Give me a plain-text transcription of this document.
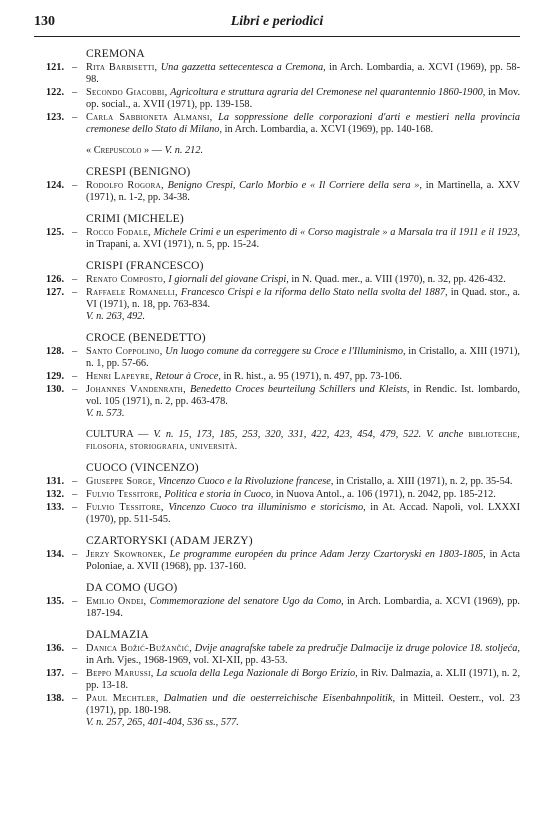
130	Libri e periodici
CREMONA
121. – Rita Barbisetti, Una gazzetta settecentesca a Cremona, in Arch. Lombardia, a. XCVI (1969), pp. 58-98.
122. – Secondo Giacobbi, Agricoltura e struttura agraria del Cremonese nel quarantennio 1860-1900, in Mov. op. social., a. XVII (1971), pp. 139-158.
123. – Carla Sabbioneta Almansi, La soppressione delle corporazioni d'arti e mestieri nella provincia cremonese dello Stato di Milano, in Arch. Lombardia, a. XCVI (1969), pp. 140-168.
« Crepuscolo » — V. n. 212.
CRESPI (BENIGNO)
124. – Rodolfo Rogora, Benigno Crespi, Carlo Morbio e « Il Corriere della sera », in Martinella, a. XXV (1971), n. 1-2, pp. 34-38.
CRIMI (MICHELE)
125. – Rocco Fodale, Michele Crimi e un esperimento di « Corso magistrale » a Marsala tra il 1911 e il 1923, in Trapani, a. XVI (1971), n. 5, pp. 15-24.
CRISPI (FRANCESCO)
126. – Renato Composto, I giornali del giovane Crispi, in N. Quad. mer., a. VIII (1970), n. 32, pp. 426-432.
127. – Raffaele Romanelli, Francesco Crispi e la riforma dello Stato nella svolta del 1887, in Quad. stor., a. VI (1971), n. 18, pp. 763-834.
V. n. 263, 492.
CROCE (BENEDETTO)
128. – Santo Coppolino, Un luogo comune da correggere su Croce e l'Illuminismo, in Cristallo, a. XIII (1971), n. 1, pp. 57-66.
129. – Henri Lapeyre, Retour à Croce, in R. hist., a. 95 (1971), n. 497, pp. 73-106.
130. – Johannes Vandenrath, Benedetto Croces beurteilung Schillers und Kleists, in Rendic. Ist. lombardo, vol. 105 (1971), n. 2, pp. 463-478.
V. n. 573.
CULTURA — V. n. 15, 173, 185, 253, 320, 331, 422, 423, 454, 479, 522. V. anche biblioteche, filosofia, storiografia, università.
CUOCO (VINCENZO)
131. – Giuseppe Sorge, Vincenzo Cuoco e la Rivoluzione francese, in Cristallo, a. XIII (1971), n. 2, pp. 35-54.
132. – Fulvio Tessitore, Politica e storia in Cuoco, in Nuova Antol., a. 106 (1971), n. 2042, pp. 185-212.
133. – Fulvio Tessitore, Vincenzo Cuoco tra illuminismo e storicismo, in At. Accad. Napoli, vol. LXXXI (1970), pp. 511-545.
CZARTORYSKI (ADAM JERZY)
134. – Jerzy Skowronek, Le programme européen du prince Adam Jerzy Czartoryski en 1803-1805, in Acta Poloniae, a. XVII (1968), pp. 137-160.
DA COMO (UGO)
135. – Emilio Ondei, Commemorazione del senatore Ugo da Como, in Arch. Lombardia, a. XCVI (1969), pp. 187-194.
DALMAZIA
136. – Danica Božić-Bužančić, Dvije anagrafske tabele za predručje Dalmacije iz druge polovice 18. stoljeća, in Arh. Vjes., 1968-1969, vol. XI-XII, pp. 43-53.
137. – Beppo Marussi, La scuola della Lega Nazionale di Borgo Erizio, in Riv. Dalmazia, a. XLII (1971), n. 2, pp. 13-18.
138. – Paul Mechtler, Dalmatien und die oesterreichische Eisenbahnpolitik, in Mitteil. Oesterr., vol. 23 (1971), pp. 180-198.
V. n. 257, 265, 401-404, 536 ss., 577.
